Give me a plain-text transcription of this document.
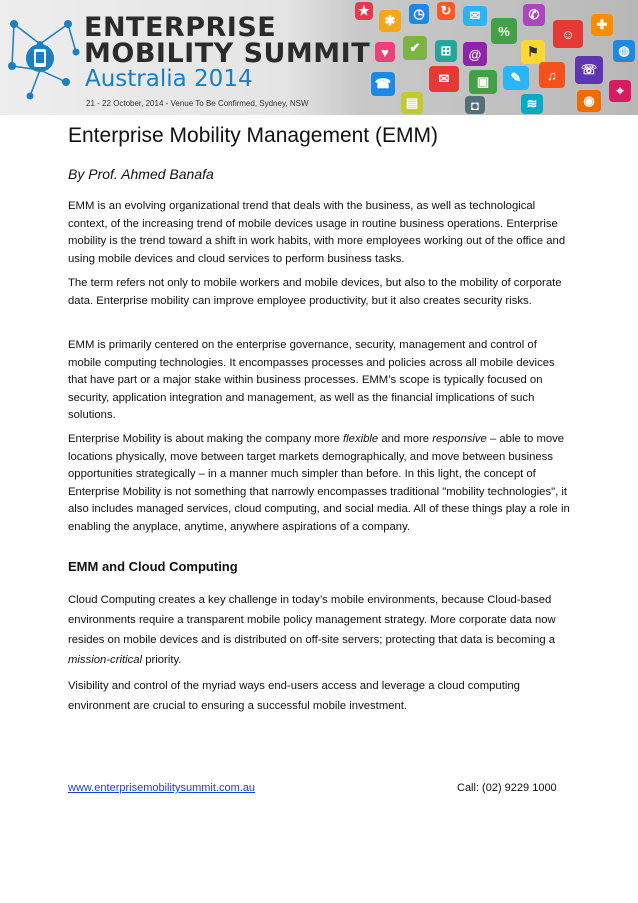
ENTERPRISE
MOBILITY SUMMIT
Australia 2014
21 - 22 October, 2014 - Venue To Be Confirmed, Sydney, NSW
★
✱	◷	↻	✉
%
✆
☺
✚
◍
♥	✔	⊞	@	⚑
✉	▣	✎	♫	☏
☎
▤	◘	≋	◉
⌖
Enterprise Mobility Management (EMM)

By Prof. Ahmed Banafa

EMM is an evolving organizational trend that deals with the business, as well as technological context, of the increasing trend of mobile devices usage in routine business operations. Enterprise mobility is the trend toward a shift in work habits, with more employees working out of the office and using mobile devices and cloud services to perform business tasks.

The term refers not only to mobile workers and mobile devices, but also to the mobility of corporate data. Enterprise mobility can improve employee productivity, but it also creates security risks.

EMM is primarily centered on the enterprise governance, security, management and control of mobile computing technologies. It encompasses processes and policies across all mobile devices that have part or a major stake within business processes. EMM’s scope is typically focused on security, application integration and management, as well as the financial implications of such solutions.

Enterprise Mobility is about making the company more flexible and more responsive – able to move locations physically, move between target markets demographically, and move between business opportunities strategically – in a manner much simpler than before. In this light, the concept of Enterprise Mobility is not something that narrowly encompasses traditional "mobility technologies", it also includes managed services, cloud computing, and social media. All of these things play a role in enabling the anyplace, anytime, anywhere aspirations of a company.

EMM and Cloud Computing

Cloud Computing creates a key challenge in today’s mobile environments, because Cloud-based environments require a transparent mobile policy management strategy. More corporate data now resides on mobile devices and is distributed on off-site servers; protecting that data is becoming a mission-critical priority.

Visibility and control of the myriad ways end-users access and leverage a cloud computing environment are crucial to ensuring a successful mobile investment.

www.enterprisemobilitysummit.com.au	Call: (02) 9229 1000
